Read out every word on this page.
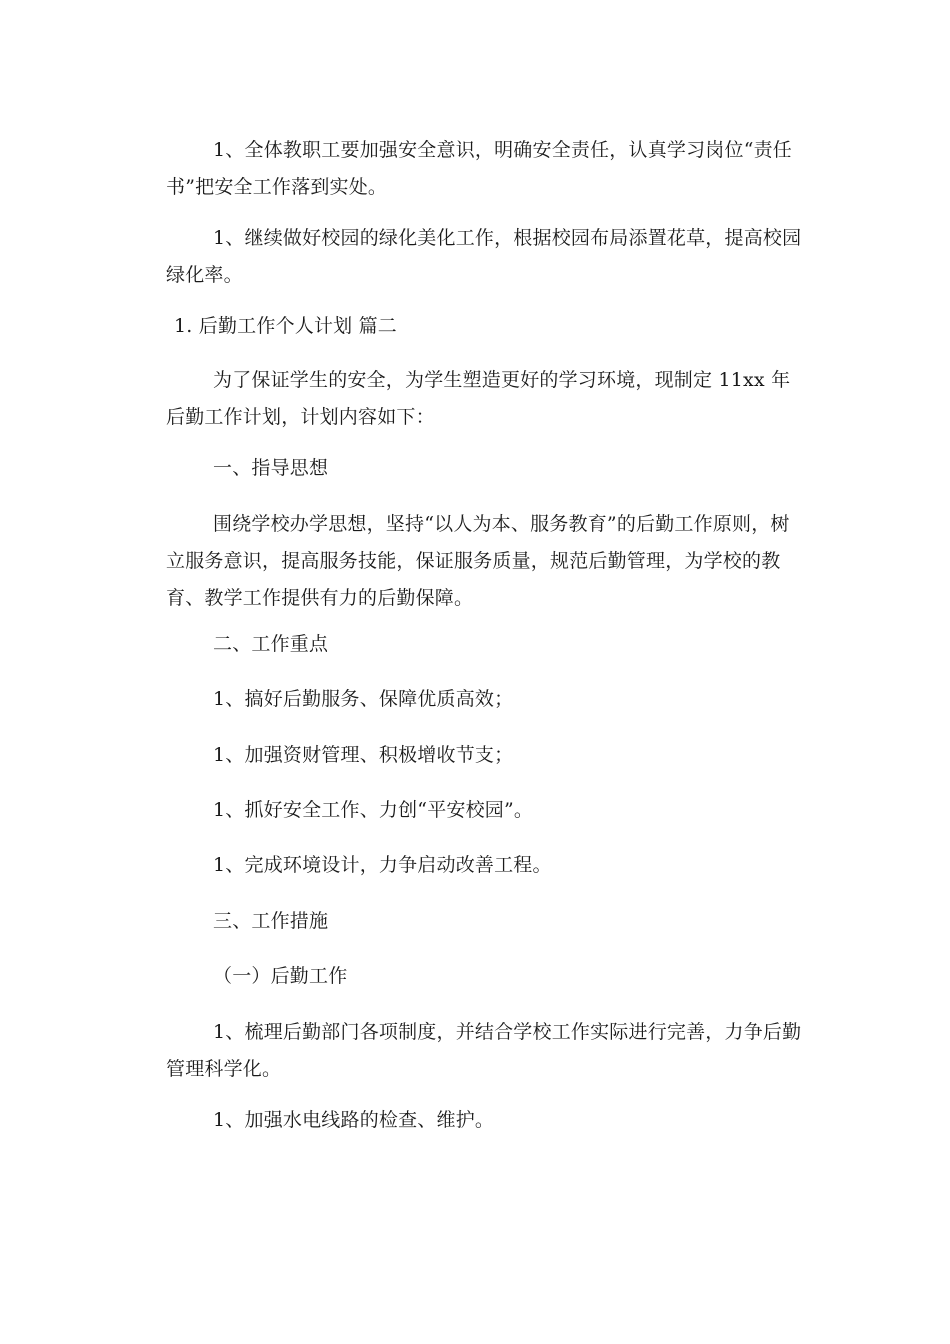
1、全体教职工要加强安全意识，明确安全责任，认真学习岗位“责任书”把安全工作落到实处。

1、继续做好校园的绿化美化工作，根据校园布局添置花草，提高校园绿化率。

1. 后勤工作个人计划 篇二

为了保证学生的安全，为学生塑造更好的学习环境，现制定 11xx 年后勤工作计划，计划内容如下：

一、指导思想

围绕学校办学思想，坚持“以人为本、服务教育”的后勤工作原则，树立服务意识，提高服务技能，保证服务质量，规范后勤管理，为学校的教育、教学工作提供有力的后勤保障。

二、工作重点

1、搞好后勤服务、保障优质高效；

1、加强资财管理、积极增收节支；

1、抓好安全工作、力创“平安校园”。

1、完成环境设计，力争启动改善工程。

三、工作措施

（一）后勤工作

1、梳理后勤部门各项制度，并结合学校工作实际进行完善，力争后勤管理科学化。

1、加强水电线路的检查、维护。
